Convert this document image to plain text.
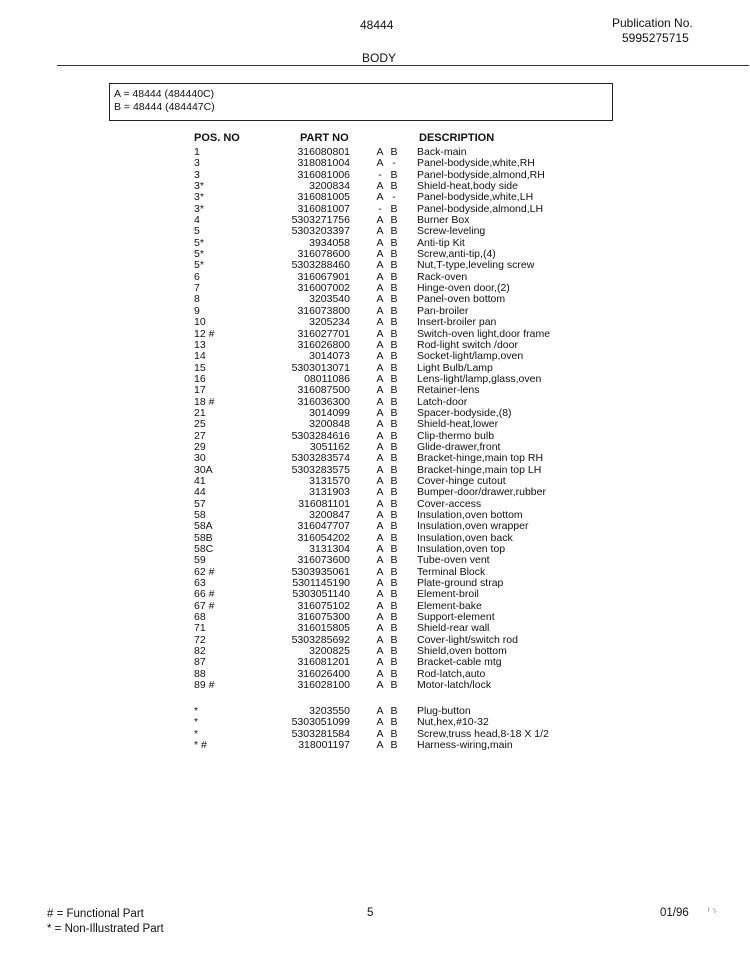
48444	Publication No.
5995275715
BODY
A = 48444 (484440C)
B = 48444 (484447C)
POS. NO	PART NO	DESCRIPTION
1	316080801	A B Back-main
3	318081004	A -	Panel-bodyside,white,RH
3	316081006	- B Panel-bodyside,almond,RH
3*	3200834	A B Shield-heat,body side
3*	316081005	A -	Panel-bodyside,white,LH
3*	316081007	- B Panel-bodyside,almond,LH
4	5303271756	A B Burner Box
5	5303203397	A B Screw-leveling
5*	3934058	A B Anti-tip Kit
5*	316078600	A B Screw,anti-tip,(4)
5*	5303288460	A B Nut,T-type,leveling screw
6	316067901	A B Rack-oven
7	316007002	A B Hinge-oven door,(2)
8	3203540	A B Panel-oven bottom
9	316073800	A B Pan-broiler
10	3205234	A B Insert-broiler pan
12 #	316027701	A B Switch-oven light,door frame
13	316026800	A B Rod-light switch /door
14	3014073	A B Socket-light/lamp,oven
15	5303013071	A B Light Bulb/Lamp
16	08011086	A B Lens-light/lamp,glass,oven
17	316087500	A B Retainer-lens
18 #	316036300	A B Latch-door
21	3014099	A B Spacer-bodyside,(8)
25	3200848	A B Shield-heat,lower
27	5303284616	A B Clip-thermo bulb
29	3051162	A B Glide-drawer,front
30	5303283574	A B Bracket-hinge,main top RH
30A	5303283575	A B Bracket-hinge,main top LH
41	3131570	A B Cover-hinge cutout
44	3131903	A B Bumper-door/drawer,rubber
57	316081101	A B Cover-access
58	3200847	A B Insulation,oven bottom
58A	316047707	A B Insulation,oven wrapper
58B	316054202	A B Insulation,oven back
58C	3131304	A B Insulation,oven top
59	316073600	A B Tube-oven vent
62 #	5303935061	A B Terminal Block
63	5301145190	A B Plate-ground strap
66 #	5303051140	A B Element-broil
67 #	316075102	A B Element-bake
68	316075300	A B Support-element
71	316015805	A B Shield-rear wall
72	5303285692	A B Cover-light/switch rod
82	3200825	A B Shield,oven bottom
87	316081201	A B Bracket-cable mtg
88	316026400	A B Rod-latch,auto
89 #	316028100	A B Motor-latch/lock
*	3203550	A B Plug-button
*	5303051099	A B Nut,hex,#10-32
*	5303281584	A B Screw,truss head,8-18 X 1/2
* #	318001197	A B Harness-wiring,main
# = Functional Part
* = Non-Illustrated Part
5	01/96 ᐟ₂
